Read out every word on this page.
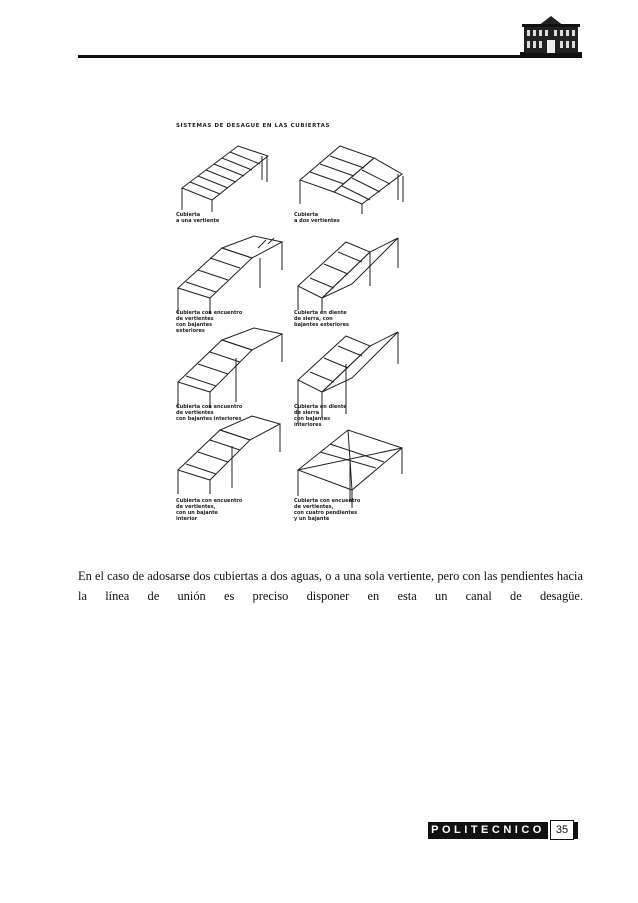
SISTEMAS DE DESAGUE EN LAS CUBIERTAS

Cubierta
a una vertiente

Cubierta
a dos vertientes

Cubierta con encuentro
de vertientes
con bajantes
exteriores

Cubierta en diente
de sierra, con
bajantes exteriores

Cubierta con encuentro
de vertientes
con bajantes interiores

Cubierta en diente
de sierra
con bajantes
interiores

Cubierta con encuentro
de vertientes,
con un bajante
interior

Cubierta con encuentro
de vertientes,
con cuatro pendientes
y un bajante

En el caso de adosarse dos cubiertas a dos aguas, o a una sola vertiente, pero con las pendientes hacia la línea de unión es preciso disponer en esta un canal de desagüe.

POLITECNICO	35
